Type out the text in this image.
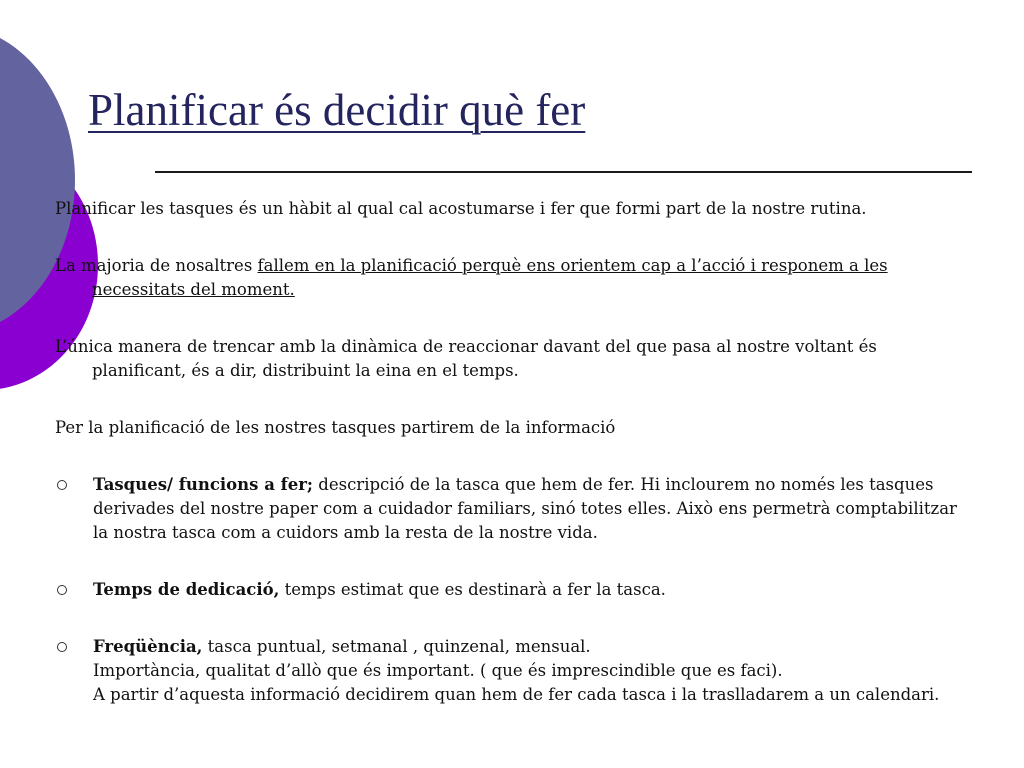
Planificar és decidir què fer

Planificar les tasques és un hàbit al qual cal acostumarse i fer que formi part de la nostre rutina.

La majoria de nosaltres fallem en la planificació perquè ens orientem cap a l’acció i responem a les necessitats del moment.

L’única manera de trencar amb la dinàmica de reaccionar davant del que pasa al nostre voltant és planificant, és a dir, distribuint la eina en el temps.

Per la planificació de les nostres tasques partirem de la informació

Tasques/ funcions a fer; descripció de la tasca que hem de fer. Hi inclourem no només les tasques derivades del nostre paper com a cuidador familiars, sinó totes elles. Això ens permetrà comptabilitzar la nostra tasca com a cuidors amb la resta de la nostre vida.

Temps de dedicació, temps estimat que es destinarà a fer la tasca.

Freqüència, tasca puntual, setmanal , quinzenal, mensual.

Importància, qualitat d’allò que és important. ( que és imprescindible que es faci).

A partir d’aquesta informació decidirem quan hem de fer cada tasca i la traslladarem a un calendari.
